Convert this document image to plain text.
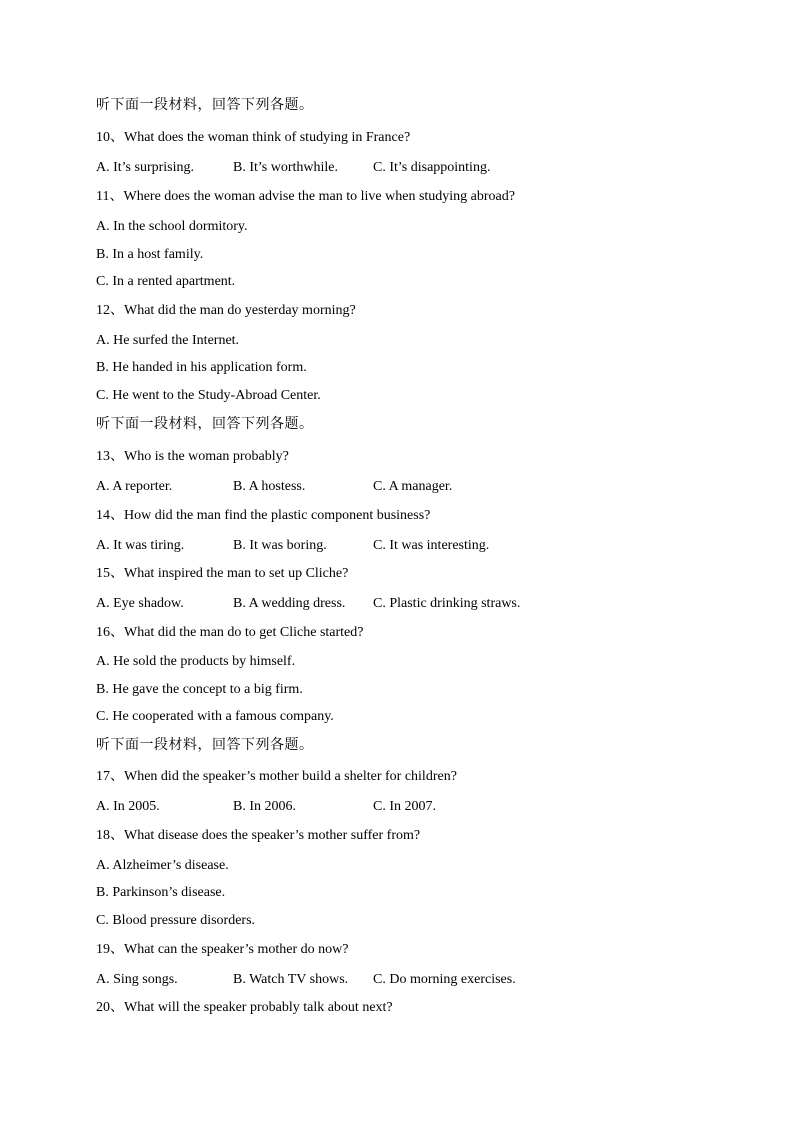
听下面一段材料，回答下列各题。
10、What does the woman think of studying in France?
A. It’s surprising.	B. It’s worthwhile.	C. It’s disappointing.
11、Where does the woman advise the man to live when studying abroad?
A. In the school dormitory.
B. In a host family.
C. In a rented apartment.
12、What did the man do yesterday morning?
A. He surfed the Internet.
B. He handed in his application form.
C. He went to the Study-Abroad Center.
听下面一段材料，回答下列各题。
13、Who is the woman probably?
A. A reporter.	B. A hostess.	C. A manager.
14、How did the man find the plastic component business?
A. It was tiring.	B. It was boring.	C. It was interesting.
15、What inspired the man to set up Cliche?
A. Eye shadow.	B. A wedding dress. C. Plastic drinking straws.
16、What did the man do to get Cliche started?
A. He sold the products by himself.
B. He gave the concept to a big firm.
C. He cooperated with a famous company.
听下面一段材料，回答下列各题。
17、When did the speaker’s mother build a shelter for children?
A. In 2005.	B. In 2006.	C. In 2007.
18、What disease does the speaker’s mother suffer from?
A. Alzheimer’s disease.
B. Parkinson’s disease.
C. Blood pressure disorders.
19、What can the speaker’s mother do now?
A. Sing songs.	B. Watch TV shows. C. Do morning exercises.
20、What will the speaker probably talk about next?
